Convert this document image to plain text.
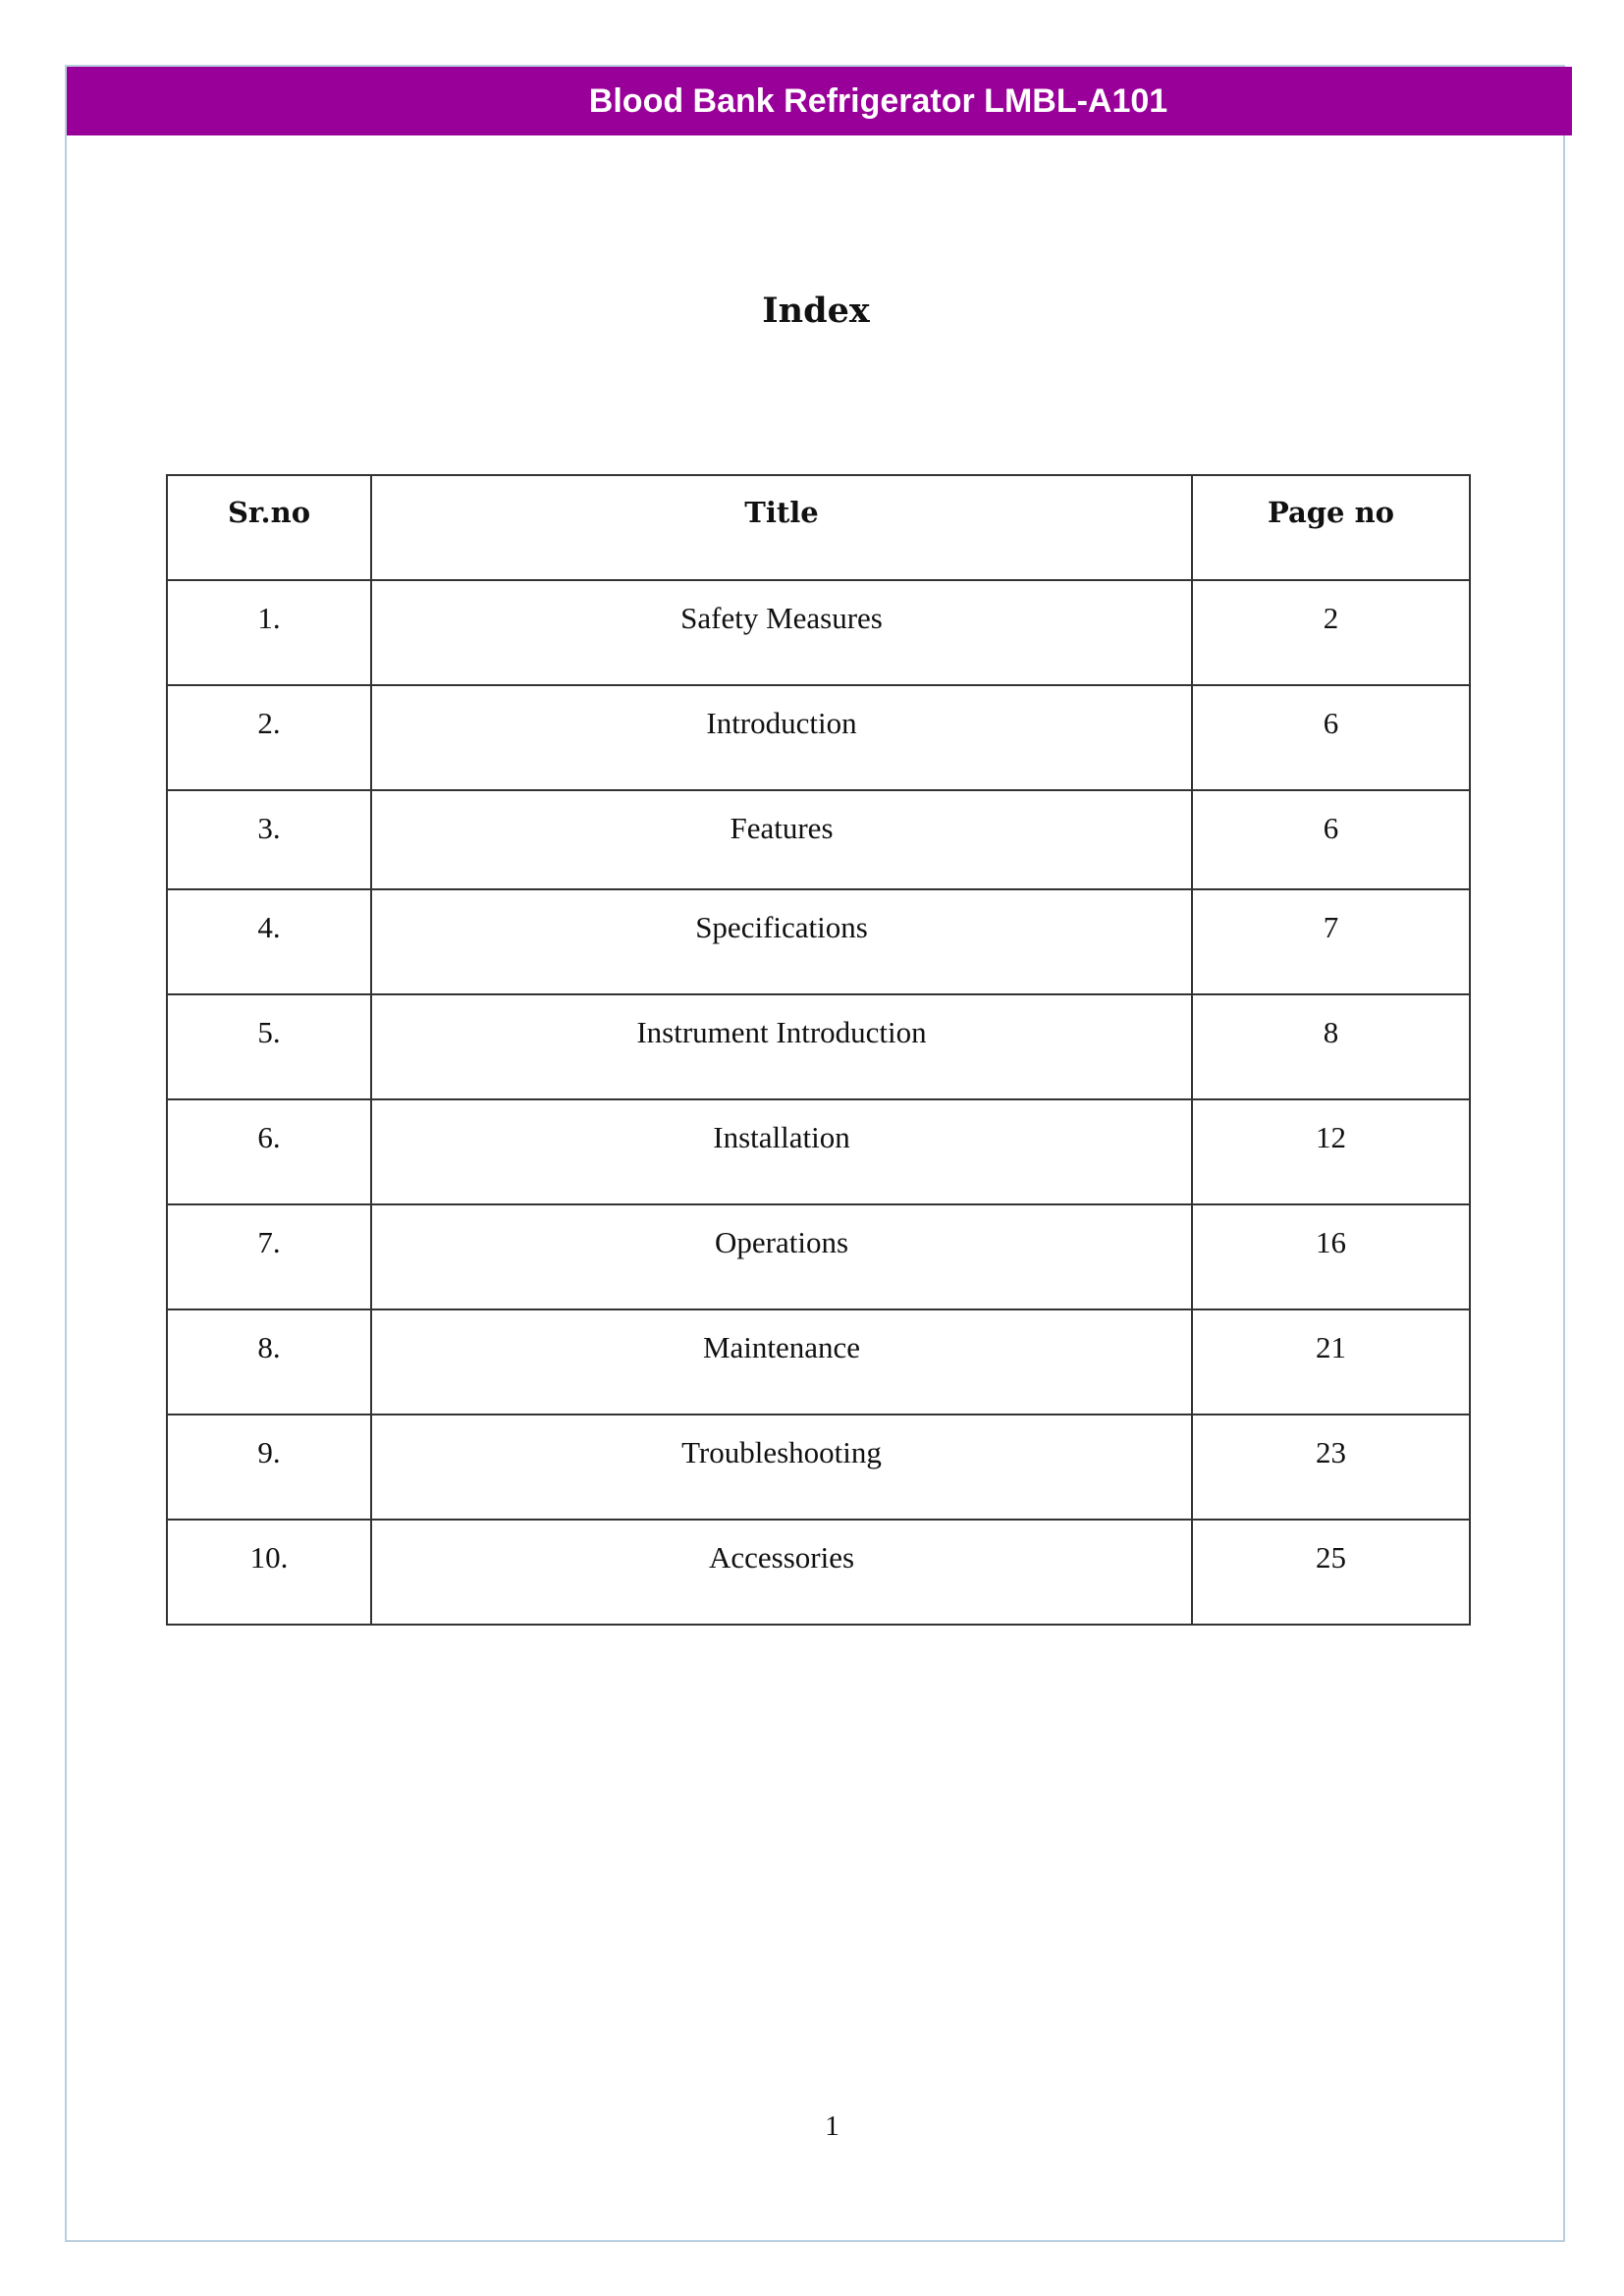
Blood Bank Refrigerator LMBL-A101
Index
Sr.no	Title	Page no
1.	Safety Measures	2
2.	Introduction	6
3.	Features	6
4.	Specifications	7
5.	Instrument Introduction	8
6.	Installation	12
7.	Operations	16
8.	Maintenance	21
9.	Troubleshooting	23
10.	Accessories	25
1
